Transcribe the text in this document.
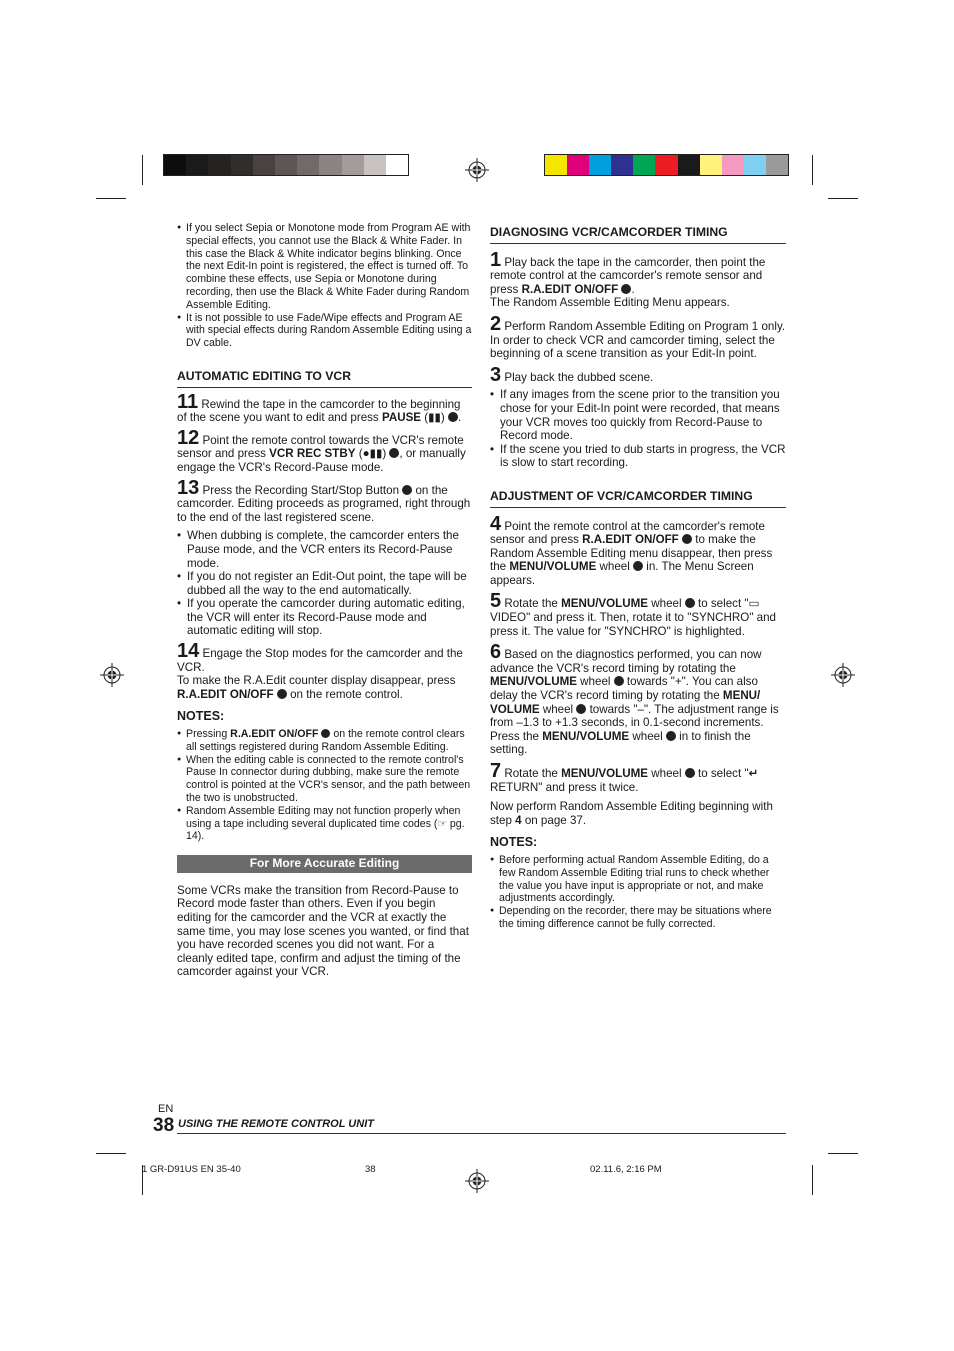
● If you select Sepia or Monotone mode from Program AE with special effects, you cannot use the Black & White Fader. In this case the Black & White indicator begins blinking. Once the next Edit-In point is registered, the effect is turned off. To combine these effects, use Sepia or Monotone during recording, then use the Black & White Fader during Random Assemble Editing.

● It is not possible to use Fade/Wipe effects and Program AE with special effects during Random Assemble Editing using a DV cable.

AUTOMATIC EDITING TO VCR

11 Rewind the tape in the camcorder to the beginning of the scene you want to edit and press PAUSE (▮▮) .

12 Point the remote control towards the VCR's remote sensor and press VCR REC STBY (●▮▮) , or manually engage the VCR's Record-Pause mode.

13 Press the Recording Start/Stop Button  on the camcorder. Editing proceeds as programed, right through to the end of the last registered scene.

• When dubbing is complete, the camcorder enters the Pause mode, and the VCR enters its Record-Pause mode.

• If you do not register an Edit-Out point, the tape will be dubbed all the way to the end automatically.

• If you operate the camcorder during automatic editing, the VCR will enter its Record-Pause mode and automatic editing will stop.

14 Engage the Stop modes for the camcorder and the VCR.

To make the R.A.Edit counter display disappear, press R.A.EDIT ON/OFF  on the remote control.

NOTES:

● Pressing R.A.EDIT ON/OFF  on the remote control clears all settings registered during Random Assemble Editing.

● When the editing cable is connected to the remote control's Pause In connector during dubbing, make sure the remote control is pointed at the VCR's sensor, and the path between the two is unobstructed.

● Random Assemble Editing may not function properly when using a tape including several duplicated time codes (☞ pg. 14).

For More Accurate Editing

Some VCRs make the transition from Record-Pause to Record mode faster than others. Even if you begin editing for the camcorder and the VCR at exactly the same time, you may lose scenes you wanted, or find that you have recorded scenes you did not want. For a cleanly edited tape, confirm and adjust the timing of the camcorder against your VCR.

DIAGNOSING VCR/CAMCORDER TIMING

1 Play back the tape in the camcorder, then point the remote control at the camcorder's remote sensor and press R.A.EDIT ON/OFF .

The Random Assemble Editing Menu appears.

2 Perform Random Assemble Editing on Program 1 only. In order to check VCR and camcorder timing, select the beginning of a scene transition as your Edit-In point.

3 Play back the dubbed scene.

• If any images from the scene prior to the transition you chose for your Edit-In point were recorded, that means your VCR moves too quickly from Record-Pause to Record mode.

• If the scene you tried to dub starts in progress, the VCR is slow to start recording.

ADJUSTMENT OF VCR/CAMCORDER TIMING

4 Point the remote control at the camcorder's remote sensor and press R.A.EDIT ON/OFF  to make the Random Assemble Editing menu disappear, then press the MENU/VOLUME wheel  in. The Menu Screen appears.

5 Rotate the MENU/VOLUME wheel  to select "▭ VIDEO" and press it. Then, rotate it to "SYNCHRO" and press it. The value for "SYNCHRO" is highlighted.

6 Based on the diagnostics performed, you can now advance the VCR's record timing by rotating the MENU/VOLUME wheel  towards "+". You can also delay the VCR's record timing by rotating the MENU/ VOLUME wheel  towards "–". The adjustment range is from –1.3 to +1.3 seconds, in 0.1-second increments. Press the MENU/VOLUME wheel  in to finish the setting.

7 Rotate the MENU/VOLUME wheel  to select "↵ RETURN" and press it twice.

Now perform Random Assemble Editing beginning with step 4 on page 37.

NOTES:

● Before performing actual Random Assemble Editing, do a few Random Assemble Editing trial runs to check whether the value you have input is appropriate or not, and make adjustments accordingly.

● Depending on the recorder, there may be situations where the timing difference cannot be fully corrected.

EN
38 USING THE REMOTE CONTROL UNIT
1 GR-D91US EN 35-40	38	02.11.6, 2:16 PM
